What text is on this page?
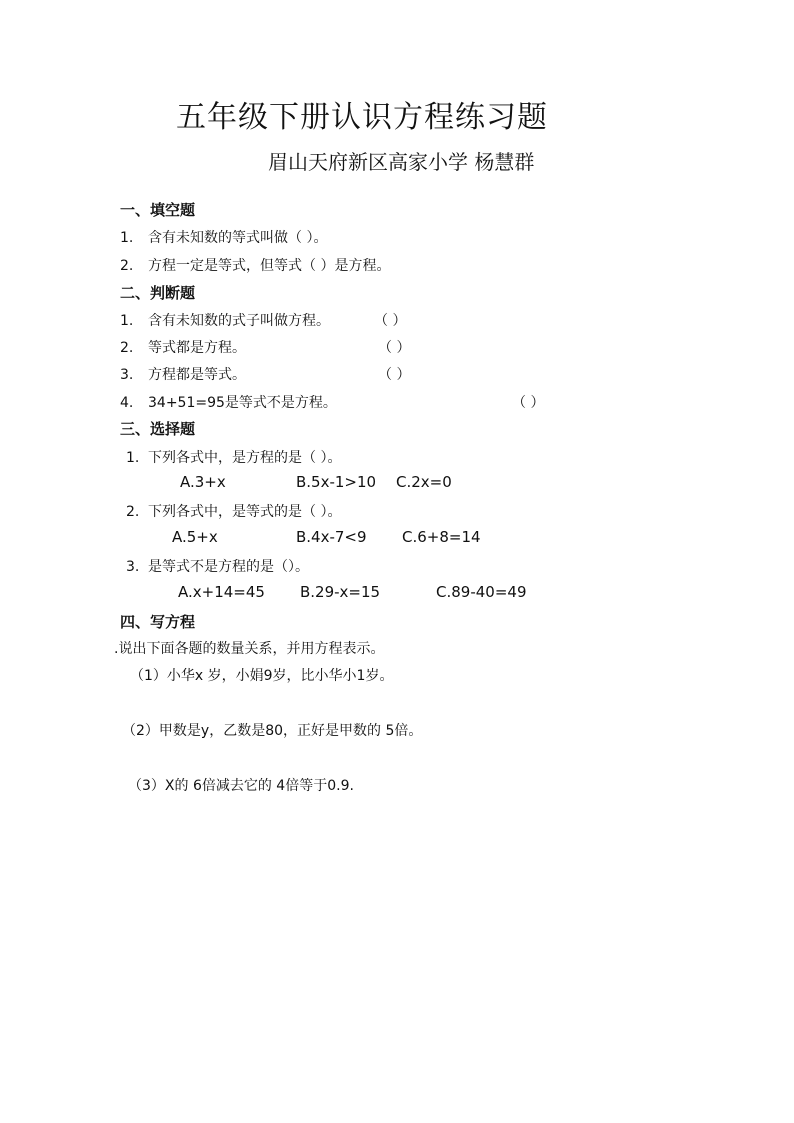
五年级下册认识方程练习题
眉山天府新区高家小学 杨慧群
一、填空题
1. 含有未知数的等式叫做（ ）。
2. 方程一定是等式，但等式（ ）是方程。
二、判断题
1. 含有未知数的式子叫做方程。	（ ）
2. 等式都是方程。	（ ）
3. 方程都是等式。	（ ）
4. 34+51=95是等式不是方程。	（ ）
三、选择题
1. 下列各式中，是方程的是（ ）。
A.3+x	B.5x-1>10 C.2x=0
2. 下列各式中，是等式的是（ ）。
A.5+x	B.4x-7<9 C.6+8=14
3. 是等式不是方程的是（）。
A.x+14=45 B.29-x=15	C.89-40=49
四、写方程
.说出下面各题的数量关系，并用方程表示。
（1）小华x 岁，小娟9岁，比小华小1岁。
（2）甲数是y，乙数是80，正好是甲数的 5倍。
（3）X的 6倍减去它的 4倍等于0.9.
